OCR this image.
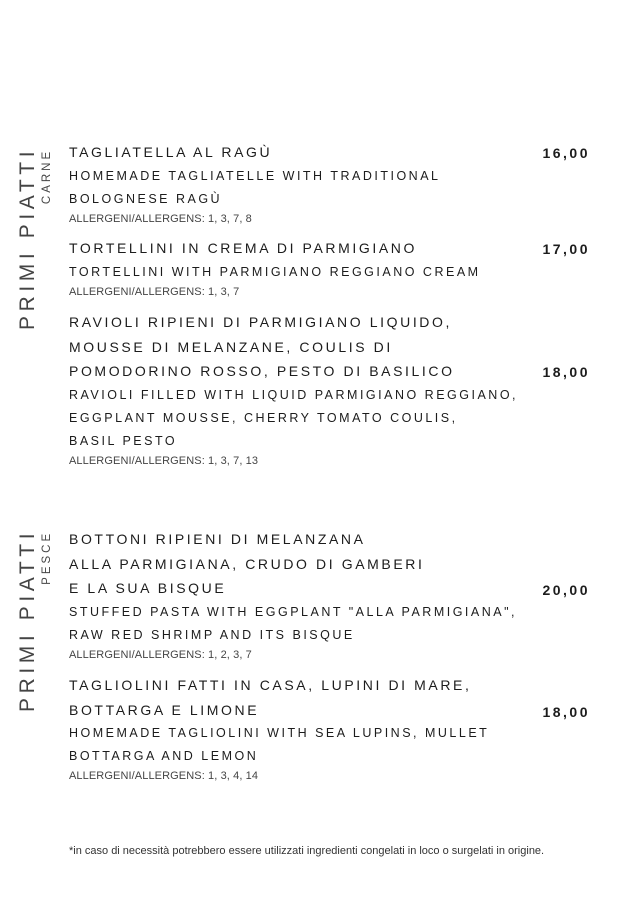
PRIMI PIATTI CARNE
PRIMI PIATTI PESCE
TAGLIATELLA AL RAGÙ
HOMEMADE TAGLIATELLE WITH TRADITIONAL
BOLOGNESE RAGÙ
ALLERGENI/ALLERGENS: 1, 3, 7, 8
16,00
TORTELLINI IN CREMA DI PARMIGIANO
TORTELLINI WITH PARMIGIANO REGGIANO CREAM
ALLERGENI/ALLERGENS: 1, 3, 7
17,00
RAVIOLI RIPIENI DI PARMIGIANO LIQUIDO,
MOUSSE DI MELANZANE, COULIS DI
POMODORINO ROSSO, PESTO DI BASILICO
RAVIOLI FILLED WITH LIQUID PARMIGIANO REGGIANO,
EGGPLANT MOUSSE, CHERRY TOMATO COULIS,
BASIL PESTO
ALLERGENI/ALLERGENS: 1, 3, 7, 13
18,00
BOTTONI RIPIENI DI MELANZANA
ALLA PARMIGIANA, CRUDO DI GAMBERI
E LA SUA BISQUE
STUFFED PASTA WITH EGGPLANT "ALLA PARMIGIANA",
RAW RED SHRIMP AND ITS BISQUE
ALLERGENI/ALLERGENS: 1, 2, 3, 7
20,00
TAGLIOLINI FATTI IN CASA, LUPINI DI MARE,
BOTTARGA E LIMONE
HOMEMADE TAGLIOLINI WITH SEA LUPINS, MULLET
BOTTARGA AND LEMON
ALLERGENI/ALLERGENS: 1, 3, 4, 14
18,00
*in caso di necessità potrebbero essere utilizzati ingredienti congelati in loco o surgelati in origine.
